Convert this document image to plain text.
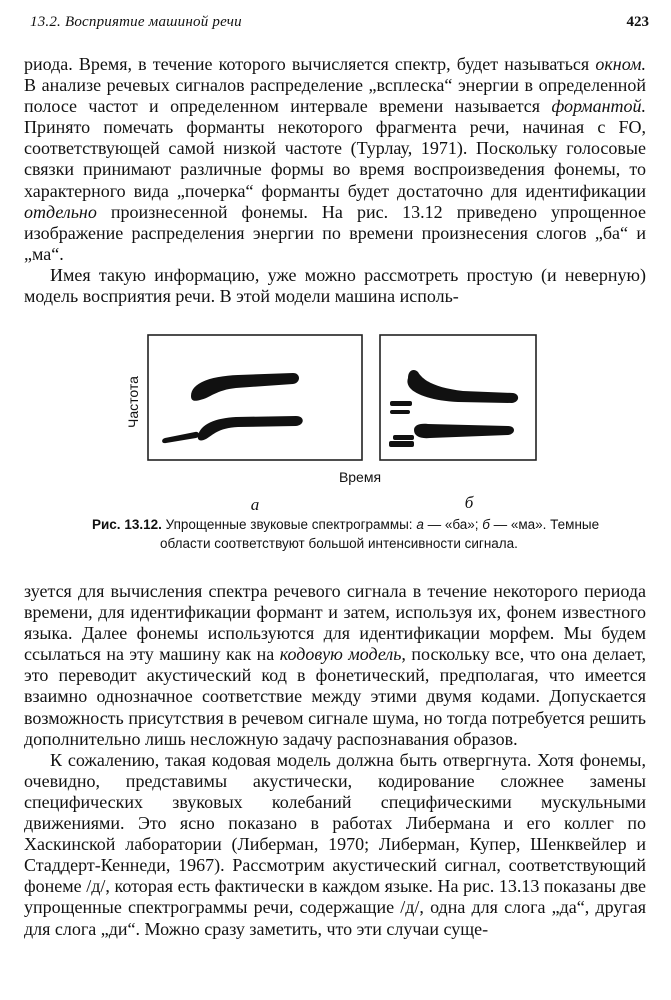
13.2. Восприятие машиной речи	423

риода. Время, в течение которого вычисляется спектр, будет называться окном. В анализе речевых сигналов распределение „всплеска“ энергии в определенной полосе частот и определенном интервале времени называется формантой. Принято помечать форманты некоторого фрагмента речи, начиная с FO, соответствующей самой низкой частоте (Турлау, 1971). Поскольку голосовые связки принимают различные формы во время воспроизведения фонемы, то характерного вида „почерка“ форманты будет достаточно для идентификации отдельно произнесенной фонемы. На рис. 13.12 приведено упрощенное изображение распределения энергии по времени произнесения слогов „ба“ и „ма“.

Имея такую информацию, уже можно рассмотреть простую (и неверную) модель восприятия речи. В этой модели машина исполь-

Частота
Время
а	б
Рис. 13.12. Упрощенные звуковые спектрограммы: а — «ба»; б — «ма». Темные
области соответствуют большой интенсивности сигнала.

зуется для вычисления спектра речевого сигнала в течение некоторого периода времени, для идентификации формант и затем, используя их, фонем известного языка. Далее фонемы используются для идентификации морфем. Мы будем ссылаться на эту машину как на кодовую модель, поскольку все, что она делает, это переводит акустический код в фонетический, предполагая, что имеется взаимно однозначное соответствие между этими двумя кодами. Допускается возможность присутствия в речевом сигнале шума, но тогда потребуется решить дополнительно лишь несложную задачу распознавания образов.

К сожалению, такая кодовая модель должна быть отвергнута. Хотя фонемы, очевидно, представимы акустически, кодирование сложнее замены специфических звуковых колебаний специфическими мускульными движениями. Это ясно показано в работах Либермана и его коллег по Хаскинской лаборатории (Либерман, 1970; Либерман, Купер, Шенквейлер и Стаддерт-Кеннеди, 1967). Рассмотрим акустический сигнал, соответствующий фонеме /д/, которая есть фактически в каждом языке. На рис. 13.13 показаны две упрощенные спектрограммы речи, содержащие /д/, одна для слога „да“, другая для слога „ди“. Можно сразу заметить, что эти случаи суще-
